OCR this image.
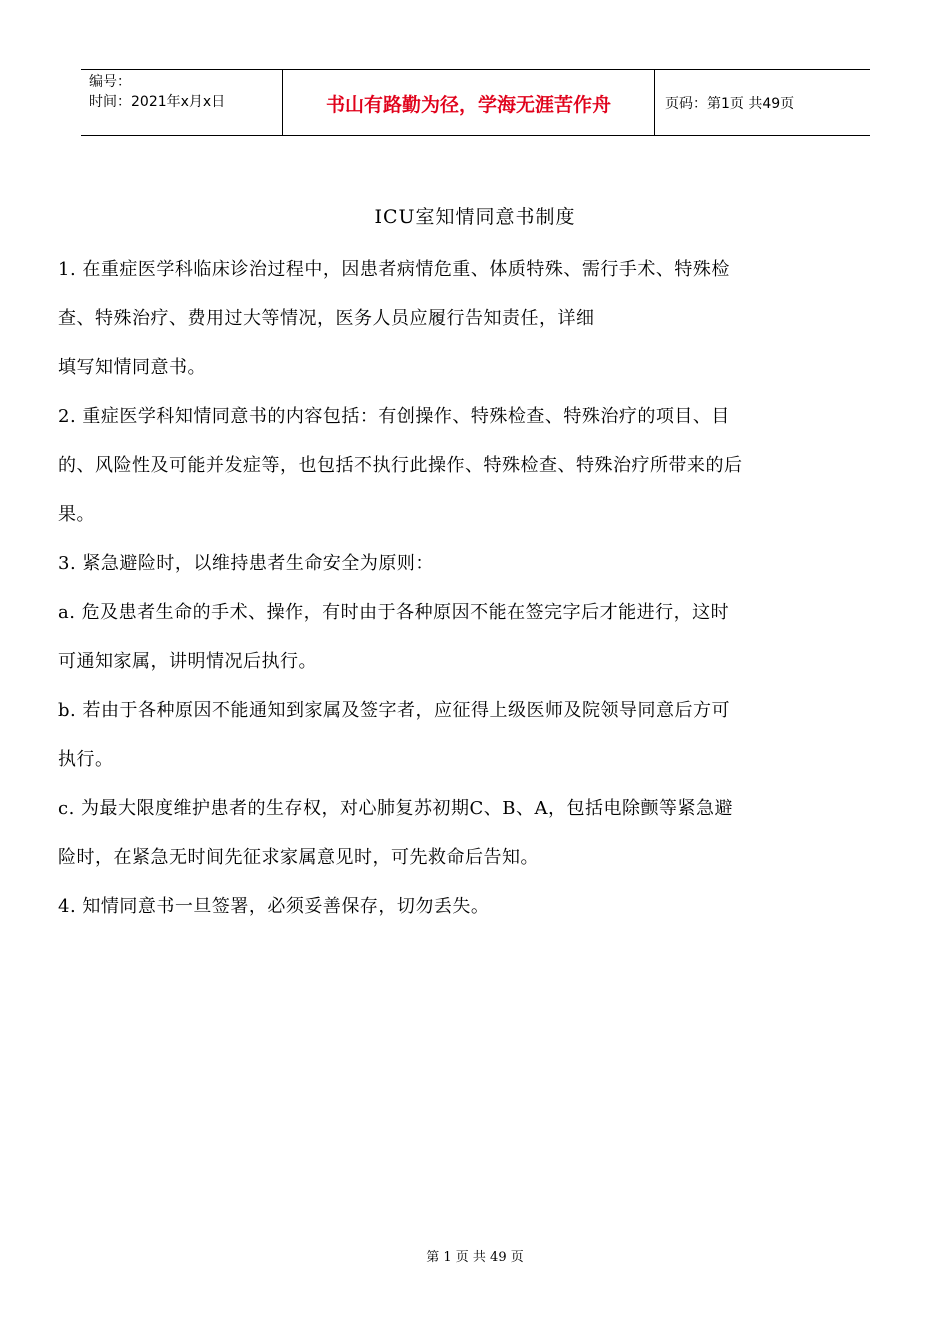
编号：
时间：2021年x月x日	书山有路勤为径，学海无涯苦作舟	页码：第1页 共49页
ICU室知情同意书制度

1. 在重症医学科临床诊治过程中，因患者病情危重、体质特殊、需行手术、特殊检

查、特殊治疗、费用过大等情况，医务人员应履行告知责任，详细

填写知情同意书。

2. 重症医学科知情同意书的内容包括：有创操作、特殊检查、特殊治疗的项目、目

的、风险性及可能并发症等，也包括不执行此操作、特殊检查、特殊治疗所带来的后

果。

3. 紧急避险时，以维持患者生命安全为原则：

a. 危及患者生命的手术、操作，有时由于各种原因不能在签完字后才能进行，这时

可通知家属，讲明情况后执行。

b. 若由于各种原因不能通知到家属及签字者，应征得上级医师及院领导同意后方可

执行。

c. 为最大限度维护患者的生存权，对心肺复苏初期C、B、A，包括电除颤等紧急避

险时，在紧急无时间先征求家属意见时，可先救命后告知。

4. 知情同意书一旦签署，必须妥善保存，切勿丢失。

第 1 页 共 49 页
